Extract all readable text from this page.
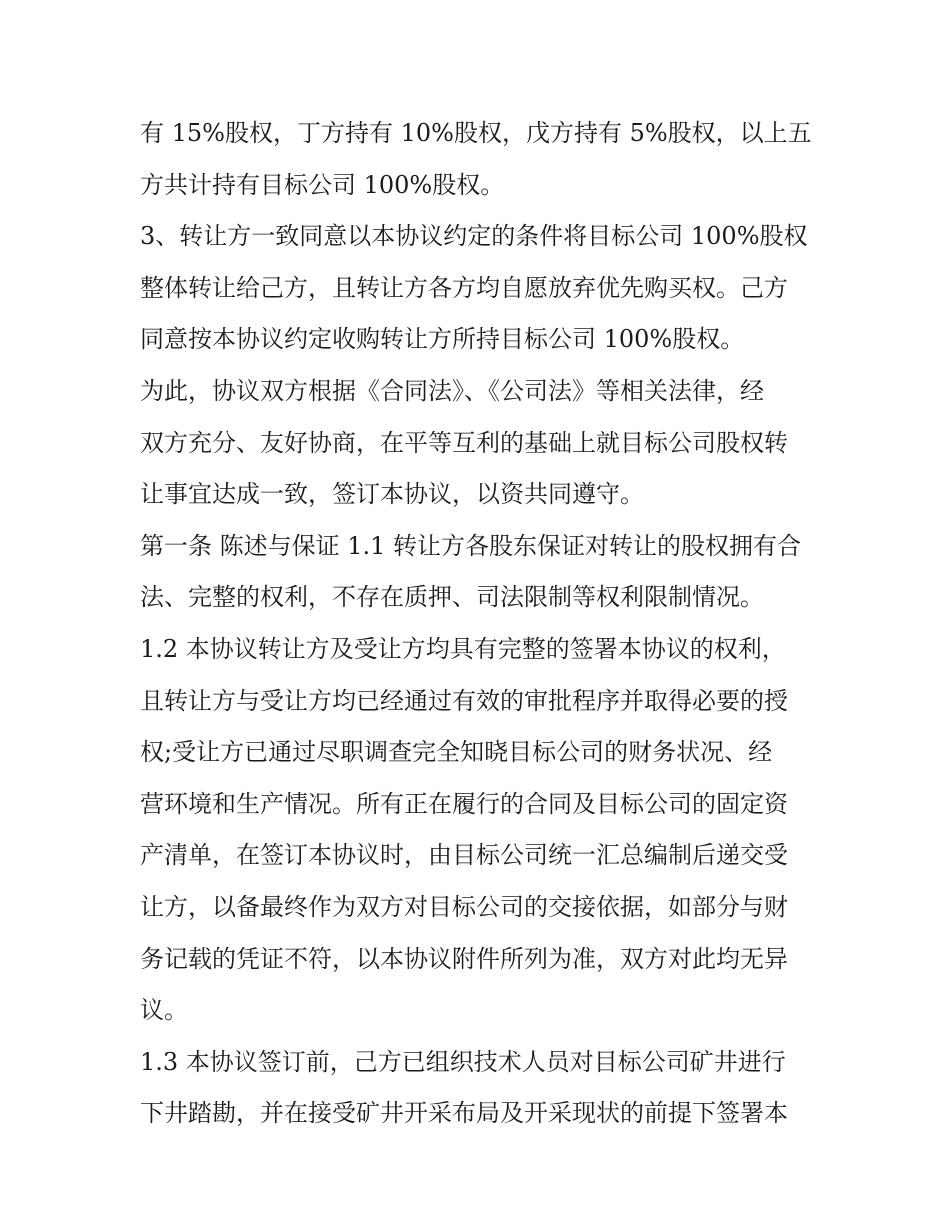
有 15%股权，丁方持有 10%股权，戊方持有 5%股权，以上五
方共计持有目标公司 100%股权。
3、转让方一致同意以本协议约定的条件将目标公司 100%股权
整体转让给己方，且转让方各方均自愿放弃优先购买权。己方
同意按本协议约定收购转让方所持目标公司 100%股权。
为此，协议双方根据《合同法》、《公司法》等相关法律，经
双方充分、友好协商，在平等互利的基础上就目标公司股权转
让事宜达成一致，签订本协议，以资共同遵守。
第一条 陈述与保证 1.1 转让方各股东保证对转让的股权拥有合
法、完整的权利，不存在质押、司法限制等权利限制情况。
1.2 本协议转让方及受让方均具有完整的签署本协议的权利，
且转让方与受让方均已经通过有效的审批程序并取得必要的授
权;受让方已通过尽职调查完全知晓目标公司的财务状况、经
营环境和生产情况。所有正在履行的合同及目标公司的固定资
产清单，在签订本协议时，由目标公司统一汇总编制后递交受
让方，以备最终作为双方对目标公司的交接依据，如部分与财
务记载的凭证不符，以本协议附件所列为准，双方对此均无异
议。
1.3 本协议签订前，己方已组织技术人员对目标公司矿井进行
下井踏勘，并在接受矿井开采布局及开采现状的前提下签署本
